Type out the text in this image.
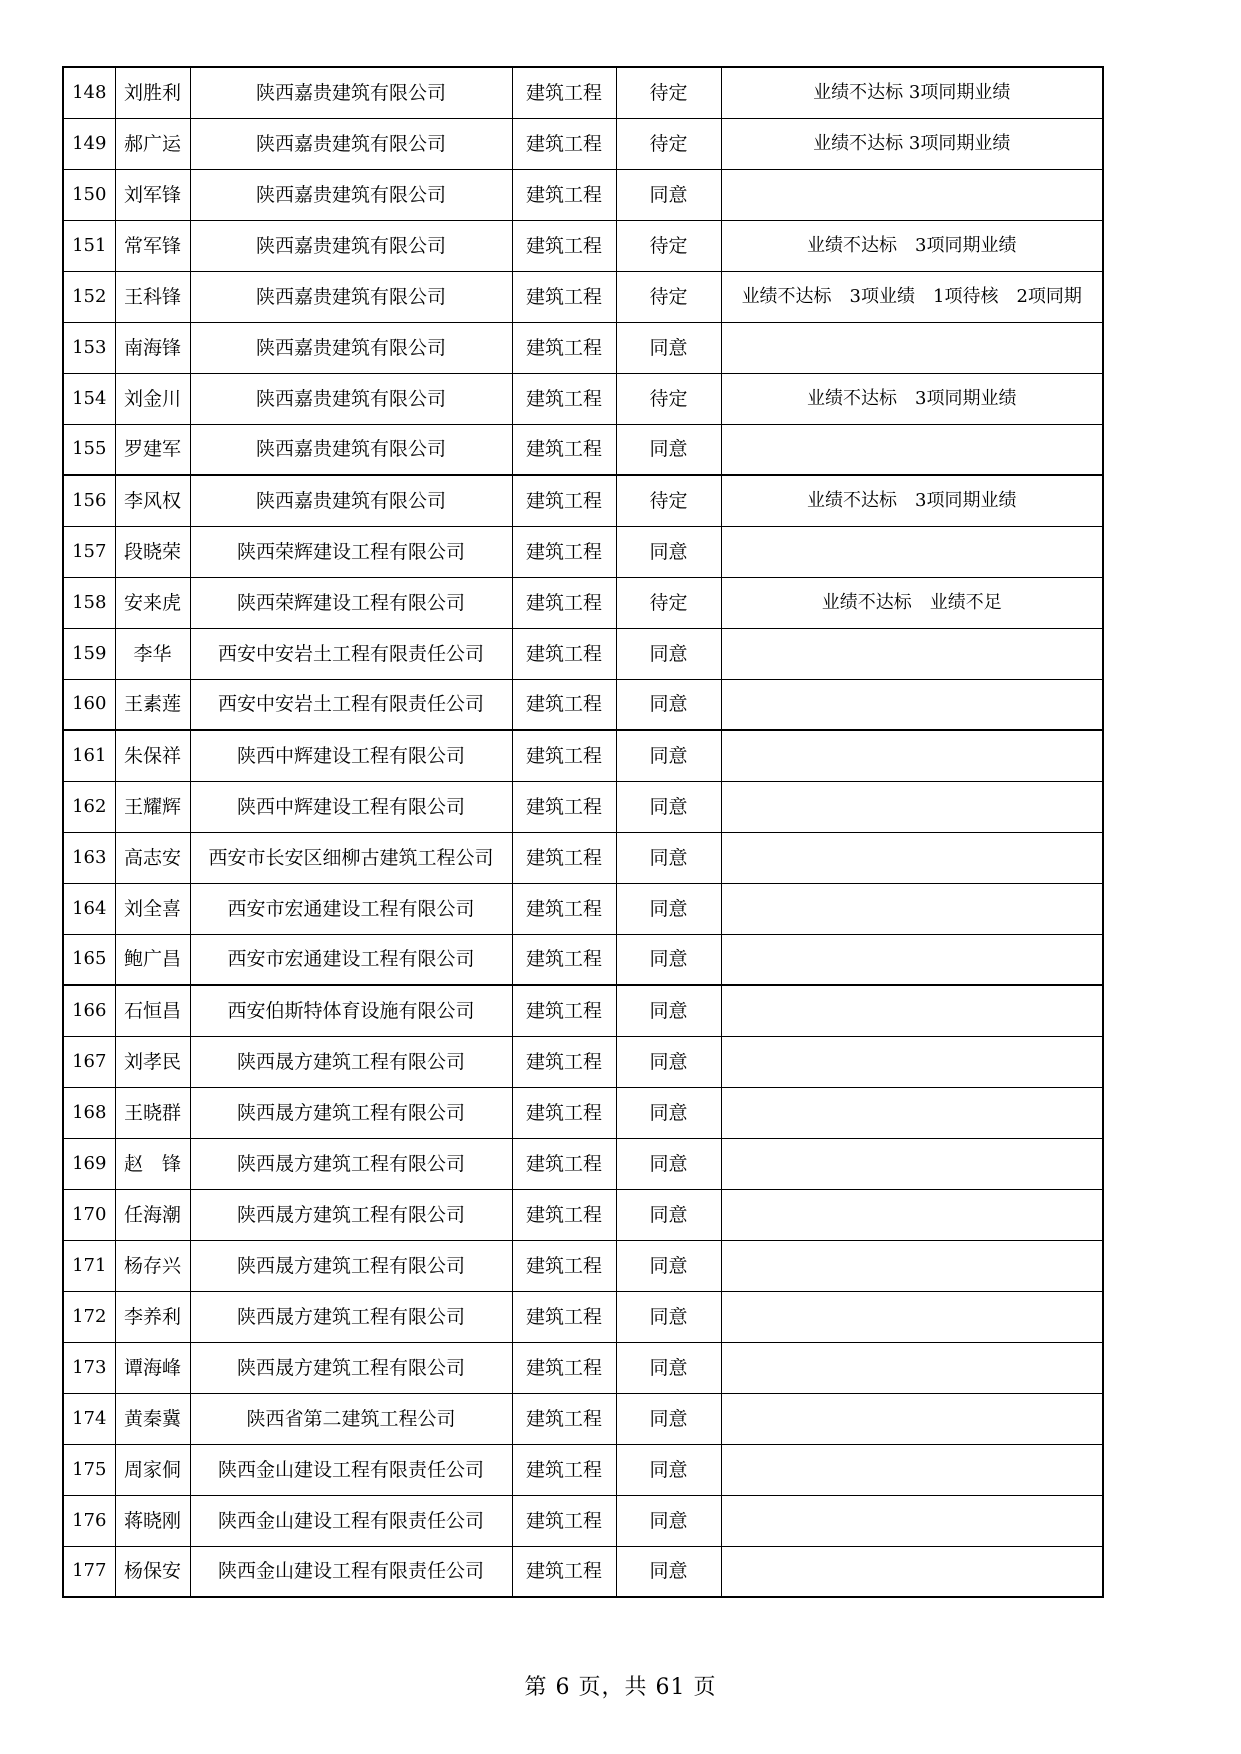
148	刘胜利	陕西嘉贵建筑有限公司	建筑工程	待定	业绩不达标 3项同期业绩
149	郝广运	陕西嘉贵建筑有限公司	建筑工程	待定	业绩不达标 3项同期业绩
150	刘军锋	陕西嘉贵建筑有限公司	建筑工程	同意	
151	常军锋	陕西嘉贵建筑有限公司	建筑工程	待定	业绩不达标　3项同期业绩
152	王科锋	陕西嘉贵建筑有限公司	建筑工程	待定	业绩不达标　3项业绩　1项待核　2项同期
153	南海锋	陕西嘉贵建筑有限公司	建筑工程	同意	
154	刘金川	陕西嘉贵建筑有限公司	建筑工程	待定	业绩不达标　3项同期业绩
155	罗建军	陕西嘉贵建筑有限公司	建筑工程	同意	
156	李风权	陕西嘉贵建筑有限公司	建筑工程	待定	业绩不达标　3项同期业绩
157	段晓荣	陕西荣辉建设工程有限公司	建筑工程	同意	
158	安来虎	陕西荣辉建设工程有限公司	建筑工程	待定	业绩不达标　业绩不足
159	李华	西安中安岩土工程有限责任公司	建筑工程	同意	
160	王素莲	西安中安岩土工程有限责任公司	建筑工程	同意	
161	朱保祥	陕西中辉建设工程有限公司	建筑工程	同意	
162	王耀辉	陕西中辉建设工程有限公司	建筑工程	同意	
163	高志安	西安市长安区细柳古建筑工程公司	建筑工程	同意	
164	刘全喜	西安市宏通建设工程有限公司	建筑工程	同意	
165	鲍广昌	西安市宏通建设工程有限公司	建筑工程	同意	
166	石恒昌	西安伯斯特体育设施有限公司	建筑工程	同意	
167	刘孝民	陕西晟方建筑工程有限公司	建筑工程	同意	
168	王晓群	陕西晟方建筑工程有限公司	建筑工程	同意	
169	赵　锋	陕西晟方建筑工程有限公司	建筑工程	同意	
170	任海潮	陕西晟方建筑工程有限公司	建筑工程	同意	
171	杨存兴	陕西晟方建筑工程有限公司	建筑工程	同意	
172	李养利	陕西晟方建筑工程有限公司	建筑工程	同意	
173	谭海峰	陕西晟方建筑工程有限公司	建筑工程	同意	
174	黄秦冀	陕西省第二建筑工程公司	建筑工程	同意	
175	周家侗	陕西金山建设工程有限责任公司	建筑工程	同意	
176	蒋晓刚	陕西金山建设工程有限责任公司	建筑工程	同意	
177	杨保安	陕西金山建设工程有限责任公司	建筑工程	同意	
第 6 页，共 61 页
